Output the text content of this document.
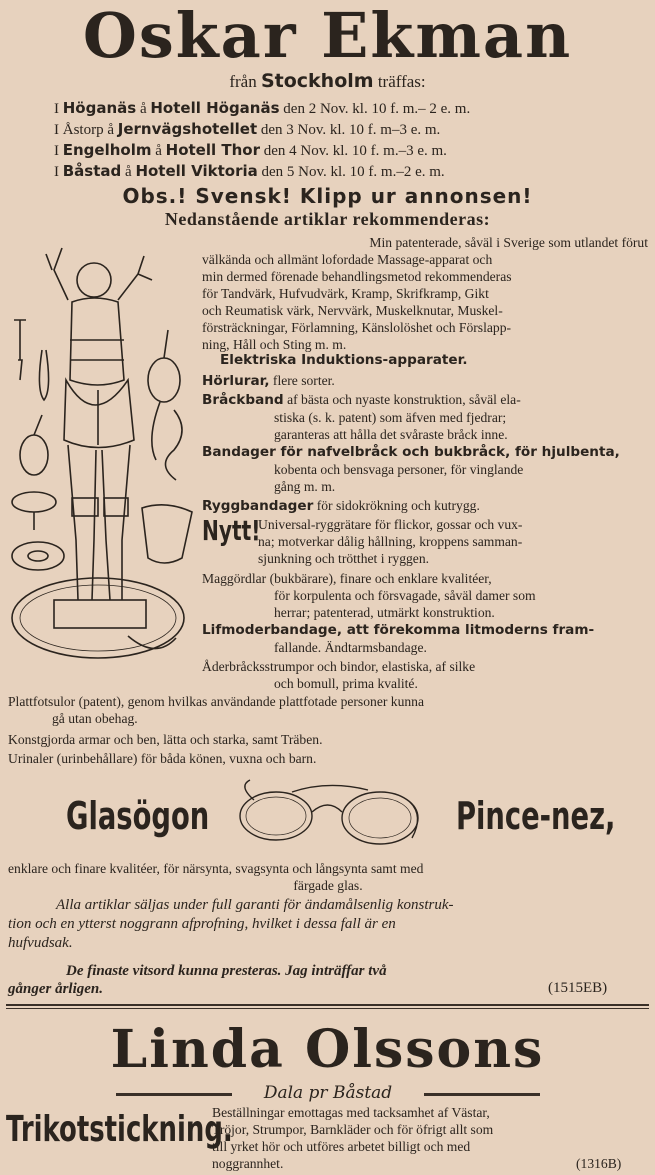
Oskar Ekman
från Stockholm träffas:
I Höganäs å Hotell Höganäs den 2 Nov. kl. 10 f. m.– 2 e. m.
I Åstorp å Jernvägshotellet den 3 Nov. kl. 10 f. m–3 e. m.
I Engelholm å Hotell Thor den 4 Nov. kl. 10 f. m.–3 e. m.
I Båstad å Hotell Viktoria den 5 Nov. kl. 10 f. m.–2 e. m.
Obs.! Svensk! Klipp ur annonsen!
Nedanstående artiklar rekommenderas:
Min patenterade, såväl i Sverige som utlandet förut
välkända och allmänt lofordade Massage-apparat och
min dermed förenade behandlingsmetod rekommenderas
för Tandvärk, Hufvudvärk, Kramp, Skrifkramp, Gikt
och Reumatisk värk, Nervvärk, Muskelknutar, Muskel-
försträckningar, Förlamning, Känslolöshet och Förslapp-
ning, Håll och Sting m. m.
Elektriska Induktions-apparater.
Hörlurar, flere sorter.
Bråckband af bästa och nyaste konstruktion, såväl ela-
stiska (s. k. patent) som äfven med fjedrar;
garanteras att hålla det svåraste bråck inne.
Bandager för nafvelbråck och bukbråck, för hjulbenta,
kobenta och bensvaga personer, för vinglande
gång m. m.
Ryggbandager för sidokrökning och kutrygg.
Nytt!
Universal-ryggrätare för flickor, gossar och vux-
na; motverkar dålig hållning, kroppens samman-
sjunkning och trötthet i ryggen.
Maggördlar (bukbärare), finare och enklare kvalitéer,
för korpulenta och försvagade, såväl damer som
herrar; patenterad, utmärkt konstruktion.
Lifmoderbandage, att förekomma litmoderns fram-
fallande. Ändtarmsbandage.
Åderbråcksstrumpor och bindor, elastiska, af silke
och bomull, prima kvalité.
Plattfotsulor (patent), genom hvilkas användande plattfotade personer kunna
gå utan obehag.
Konstgjorda armar och ben, lätta och starka, samt Träben.
Urinaler (urinbehållare) för båda könen, vuxna och barn.
Glasögon	Pince-nez,
enklare och finare kvalitéer, för närsynta, svagsynta och långsynta samt med
färgade glas.
Alla artiklar säljas under full garanti för ändamålsenlig konstruk-
tion och en ytterst noggrann afprofning, hvilket i dessa fall är en
hufvudsak.
De finaste vitsord kunna presteras. Jag inträffar två
gånger årligen.	(1515EB)
Linda Olssons
Dala pr Båstad
Trikotstickning.
Beställningar emottagas med tacksamhet af Västar,
Tröjor, Strumpor, Barnkläder och för öfrigt allt som
till yrket hör och utföres arbetet billigt och med
noggrannhet.	(1316B)
